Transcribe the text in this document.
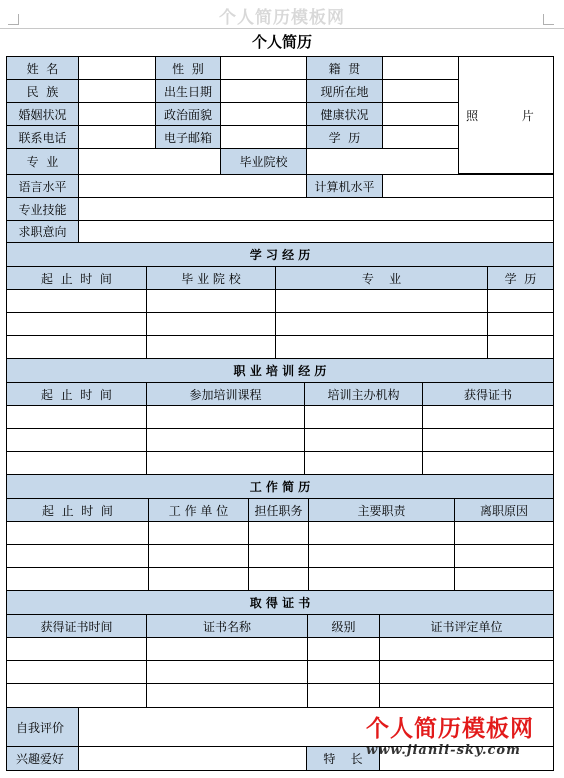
个人简历模板网
个人简历
姓  名	性  别	籍  贯
照  片
民  族	出生日期	现所在地
婚姻状况	政治面貌	健康状况
联系电话	电子邮箱	学  历
专  业	毕业院校
语言水平	计算机水平
专业技能
求职意向
学 习 经 历
起  止  时  间	毕 业 院 校	专    业	学  历
职 业 培 训 经 历
起  止  时  间	参加培训课程	培训主办机构	获得证书
工 作 简 历
起  止  时  间	工 作 单 位	担任职务	主要职责	离职原因
取 得 证 书
获得证书时间	证书名称	级别	证书评定单位
自我评价
兴趣爱好	特    长
个人简历模板网
www.jianli-sky.com
